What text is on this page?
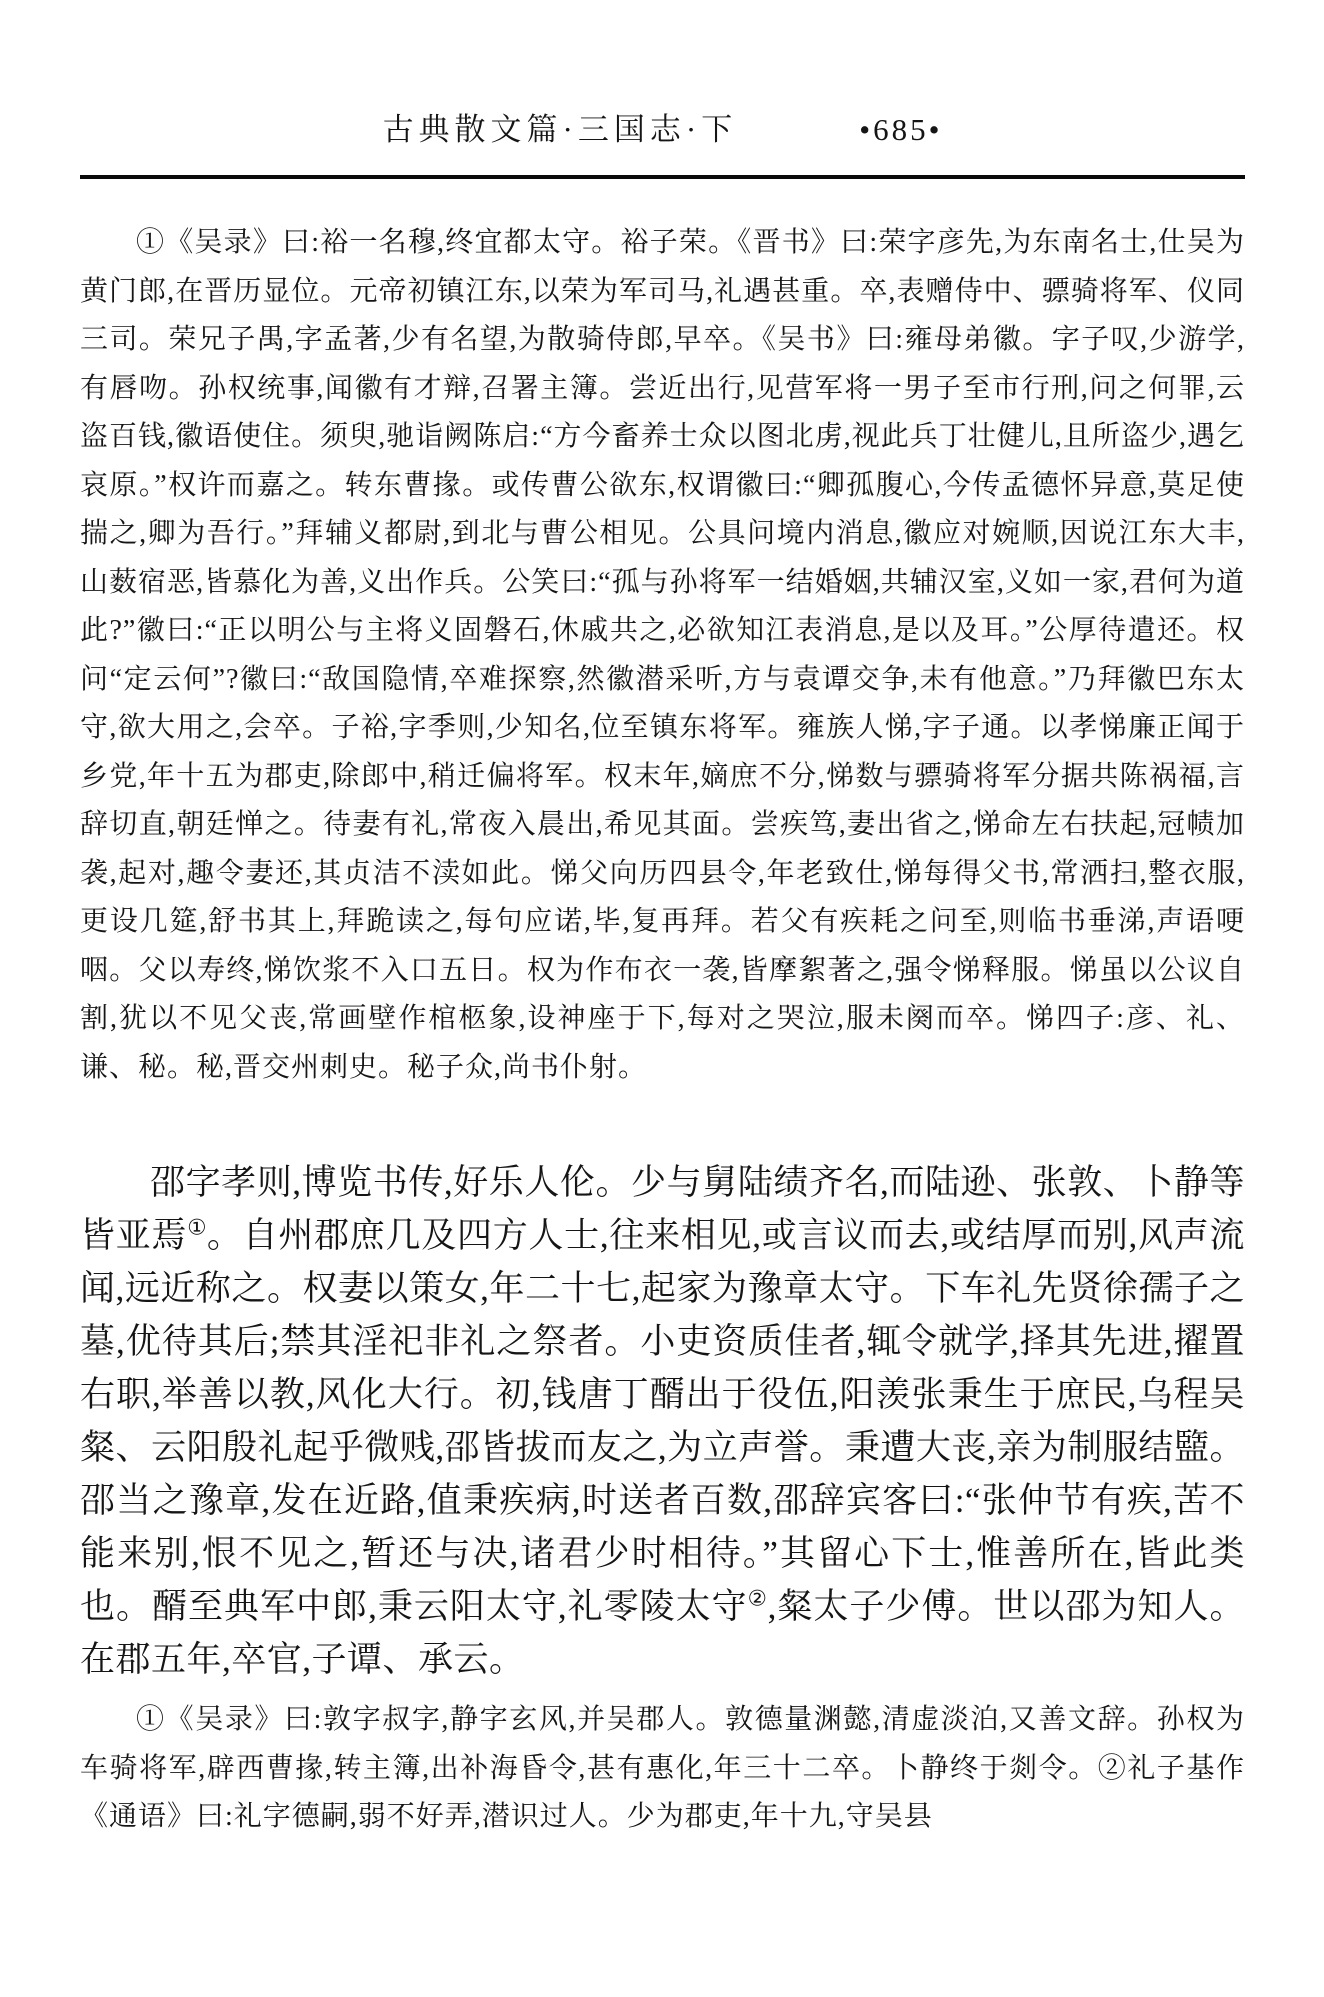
古典散文篇·三国志·下	•685•

①《吴录》曰:裕一名穆,终宜都太守。裕子荣。《晋书》曰:荣字彦先,为东南名士,仕吴为黄门郎,在晋历显位。元帝初镇江东,以荣为军司马,礼遇甚重。卒,表赠侍中、骠骑将军、仪同三司。荣兄子禺,字孟著,少有名望,为散骑侍郎,早卒。《吴书》曰:雍母弟徽。字子叹,少游学,有唇吻。孙权统事,闻徽有才辩,召署主簿。尝近出行,见营军将一男子至市行刑,问之何罪,云盗百钱,徽语使住。须臾,驰诣阙陈启:“方今畜养士众以图北虏,视此兵丁壮健儿,且所盗少,遇乞哀原。”权许而嘉之。转东曹掾。或传曹公欲东,权谓徽曰:“卿孤腹心,今传孟德怀异意,莫足使揣之,卿为吾行。”拜辅义都尉,到北与曹公相见。公具问境内消息,徽应对婉顺,因说江东大丰,山薮宿恶,皆慕化为善,义出作兵。公笑曰:“孤与孙将军一结婚姻,共辅汉室,义如一家,君何为道此?”徽曰:“正以明公与主将义固磐石,休戚共之,必欲知江表消息,是以及耳。”公厚待遣还。权问“定云何”?徽曰:“敌国隐情,卒难探察,然徽潜采听,方与袁谭交争,未有他意。”乃拜徽巴东太守,欲大用之,会卒。子裕,字季则,少知名,位至镇东将军。雍族人悌,字子通。以孝悌廉正闻于乡党,年十五为郡吏,除郎中,稍迁偏将军。权末年,嫡庶不分,悌数与骠骑将军分据共陈祸福,言辞切直,朝廷惮之。待妻有礼,常夜入晨出,希见其面。尝疾笃,妻出省之,悌命左右扶起,冠帻加袭,起对,趣令妻还,其贞洁不渎如此。悌父向历四县令,年老致仕,悌每得父书,常洒扫,整衣服,更设几筵,舒书其上,拜跪读之,每句应诺,毕,复再拜。若父有疾耗之问至,则临书垂涕,声语哽咽。父以寿终,悌饮浆不入口五日。权为作布衣一袭,皆摩絮著之,强令悌释服。悌虽以公议自割,犹以不见父丧,常画壁作棺柩象,设神座于下,每对之哭泣,服未阕而卒。悌四子:彦、礼、谦、秘。秘,晋交州刺史。秘子众,尚书仆射。

邵字孝则,博览书传,好乐人伦。少与舅陆绩齐名,而陆逊、张敦、卜静等皆亚焉①。自州郡庶几及四方人士,往来相见,或言议而去,或结厚而别,风声流闻,远近称之。权妻以策女,年二十七,起家为豫章太守。下车礼先贤徐孺子之墓,优待其后;禁其淫祀非礼之祭者。小吏资质佳者,辄令就学,择其先进,擢置右职,举善以教,风化大行。初,钱唐丁醑出于役伍,阳羡张秉生于庶民,乌程吴粲、云阳殷礼起乎微贱,邵皆拔而友之,为立声誉。秉遭大丧,亲为制服结盬。邵当之豫章,发在近路,值秉疾病,时送者百数,邵辞宾客曰:“张仲节有疾,苦不能来别,恨不见之,暂还与决,诸君少时相待。”其留心下士,惟善所在,皆此类也。醑至典军中郎,秉云阳太守,礼零陵太守②,粲太子少傅。世以邵为知人。在郡五年,卒官,子谭、承云。

①《吴录》曰:敦字叔字,静字玄风,并吴郡人。敦德量渊懿,清虚淡泊,又善文辞。孙权为车骑将军,辟西曹掾,转主簿,出补海昏令,甚有惠化,年三十二卒。卜静终于剡令。②礼子基作《通语》曰:礼字德嗣,弱不好弄,潜识过人。少为郡吏,年十九,守吴县
